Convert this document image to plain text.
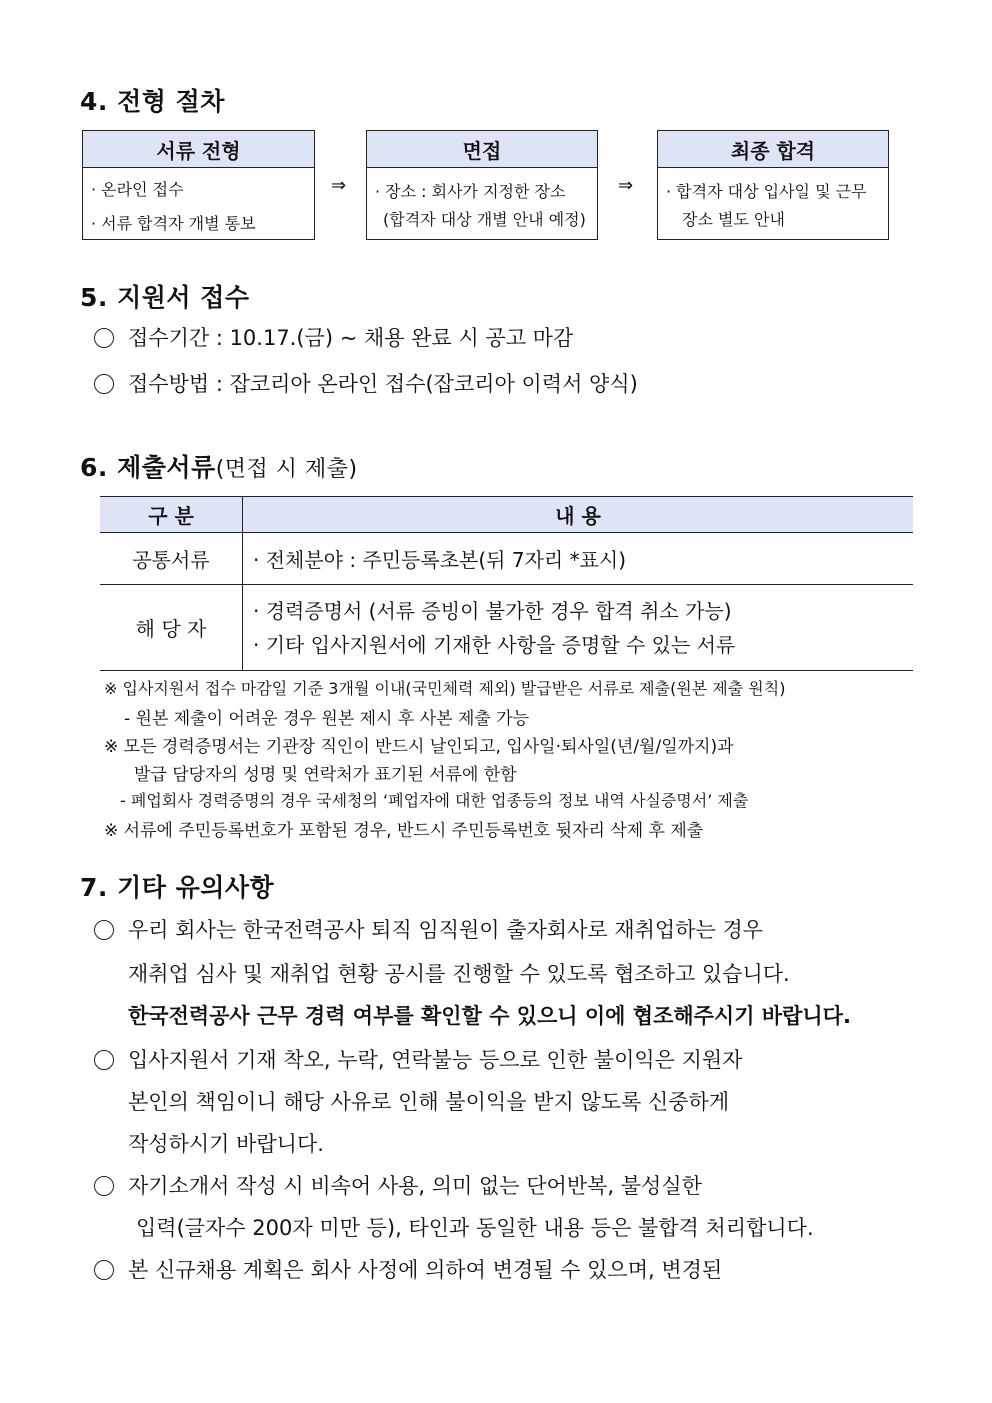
4. 전형 절차
서류 전형
· 온라인 접수
· 서류 합격자 개별 통보
⇒
면접
· 장소 : 회사가 지정한 장소
(합격자 대상 개별 안내 예정)
⇒
최종 합격
· 합격자 대상 입사일 및 근무
장소 별도 안내
5. 지원서 접수
접수기간 : 10.17.(금) ~ 채용 완료 시 공고 마감
접수방법 : 잡코리아 온라인 접수(잡코리아 이력서 양식)
6. 제출서류(면접 시 제출)
구 분	내 용
공통서류	· 전체분야 : 주민등록초본(뒤 7자리 *표시)
해 당 자	· 경력증명서 (서류 증빙이 불가한 경우 합격 취소 가능)
· 기타 입사지원서에 기재한 사항을 증명할 수 있는 서류
※ 입사지원서 접수 마감일 기준 3개월 이내(국민체력 제외) 발급받은 서류로 제출(원본 제출 원칙)
- 원본 제출이 어려운 경우 원본 제시 후 사본 제출 가능
※ 모든 경력증명서는 기관장 직인이 반드시 날인되고, 입사일·퇴사일(년/월/일까지)과
발급 담당자의 성명 및 연락처가 표기된 서류에 한함
- 폐업회사 경력증명의 경우 국세청의 ‘폐업자에 대한 업종등의 정보 내역 사실증명서’ 제출
※ 서류에 주민등록번호가 포함된 경우, 반드시 주민등록번호 뒷자리 삭제 후 제출
7. 기타 유의사항
우리 회사는 한국전력공사 퇴직 임직원이 출자회사로 재취업하는 경우
재취업 심사 및 재취업 현황 공시를 진행할 수 있도록 협조하고 있습니다.
한국전력공사 근무 경력 여부를 확인할 수 있으니 이에 협조해주시기 바랍니다.
입사지원서 기재 착오, 누락, 연락불능 등으로 인한 불이익은 지원자
본인의 책임이니 해당 사유로 인해 불이익을 받지 않도록 신중하게
작성하시기 바랍니다.
자기소개서 작성 시 비속어 사용, 의미 없는 단어반복, 불성실한
입력(글자수 200자 미만 등), 타인과 동일한 내용 등은 불합격 처리합니다.
본 신규채용 계획은 회사 사정에 의하여 변경될 수 있으며, 변경된
